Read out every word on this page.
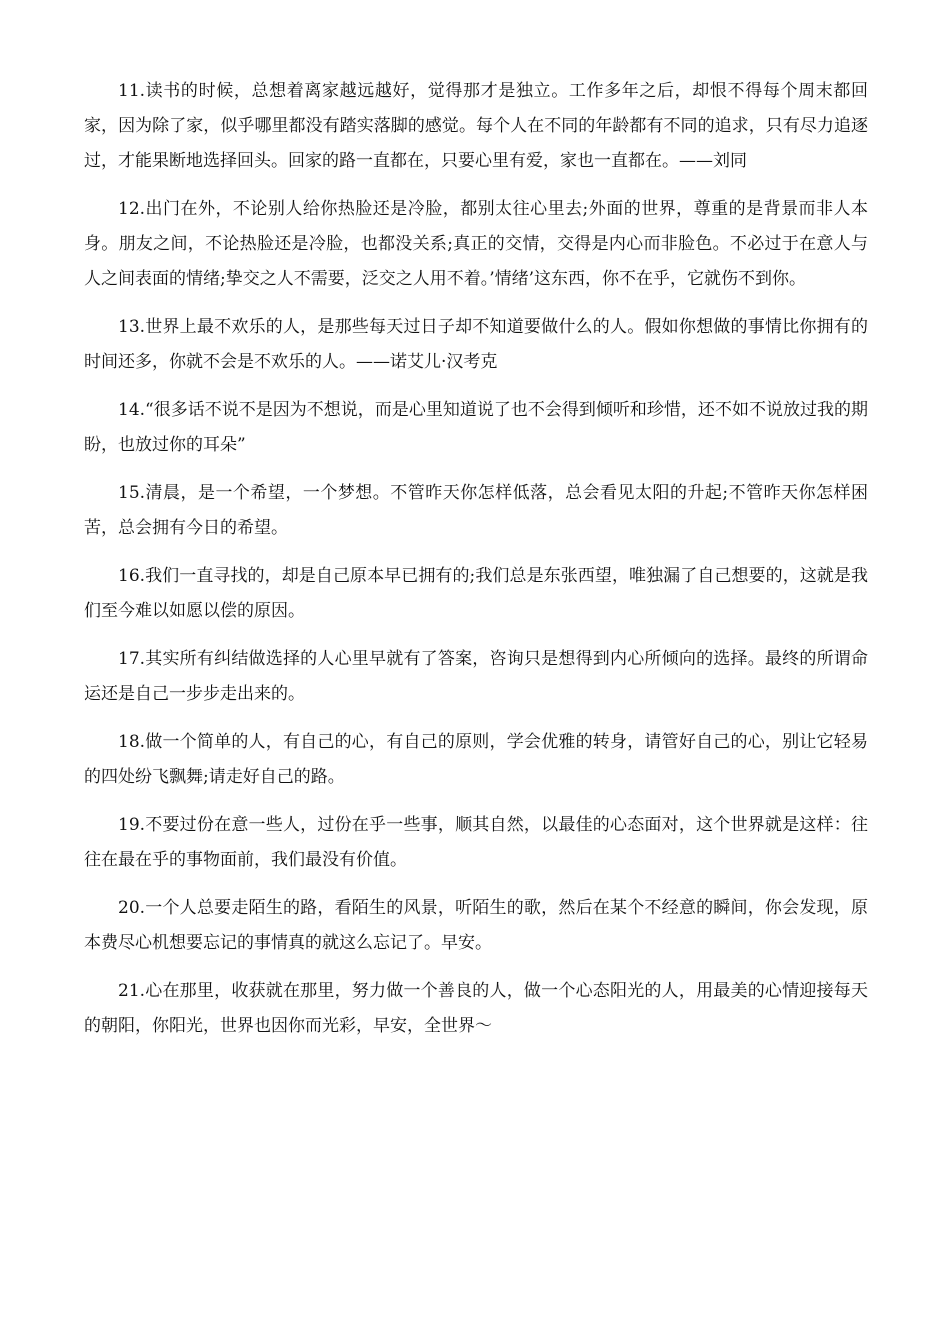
11.读书的时候，总想着离家越远越好，觉得那才是独立。工作多年之后，却恨不得每个周末都回家，因为除了家，似乎哪里都没有踏实落脚的感觉。每个人在不同的年龄都有不同的追求，只有尽力追逐过，才能果断地选择回头。回家的路一直都在，只要心里有爱，家也一直都在。——刘同

12.出门在外，不论别人给你热脸还是冷脸，都别太往心里去;外面的世界，尊重的是背景而非人本身。朋友之间，不论热脸还是冷脸，也都没关系;真正的交情，交得是内心而非脸色。不必过于在意人与人之间表面的情绪;挚交之人不需要，泛交之人用不着。’情绪’这东西，你不在乎，它就伤不到你。

13.世界上最不欢乐的人，是那些每天过日子却不知道要做什么的人。假如你想做的事情比你拥有的时间还多，你就不会是不欢乐的人。——诺艾儿·汉考克

14.“很多话不说不是因为不想说，而是心里知道说了也不会得到倾听和珍惜，还不如不说放过我的期盼，也放过你的耳朵”

15.清晨，是一个希望，一个梦想。不管昨天你怎样低落，总会看见太阳的升起;不管昨天你怎样困苦，总会拥有今日的希望。

16.我们一直寻找的，却是自己原本早已拥有的;我们总是东张西望，唯独漏了自己想要的，这就是我们至今难以如愿以偿的原因。

17.其实所有纠结做选择的人心里早就有了答案，咨询只是想得到内心所倾向的选择。最终的所谓命运还是自己一步步走出来的。

18.做一个简单的人，有自己的心，有自己的原则，学会优雅的转身，请管好自己的心，别让它轻易的四处纷飞飘舞;请走好自己的路。

19.不要过份在意一些人，过份在乎一些事，顺其自然，以最佳的心态面对，这个世界就是这样：往往在最在乎的事物面前，我们最没有价值。

20.一个人总要走陌生的路，看陌生的风景，听陌生的歌，然后在某个不经意的瞬间，你会发现，原本费尽心机想要忘记的事情真的就这么忘记了。早安。

21.心在那里，收获就在那里，努力做一个善良的人，做一个心态阳光的人，用最美的心情迎接每天的朝阳，你阳光，世界也因你而光彩，早安，全世界～
